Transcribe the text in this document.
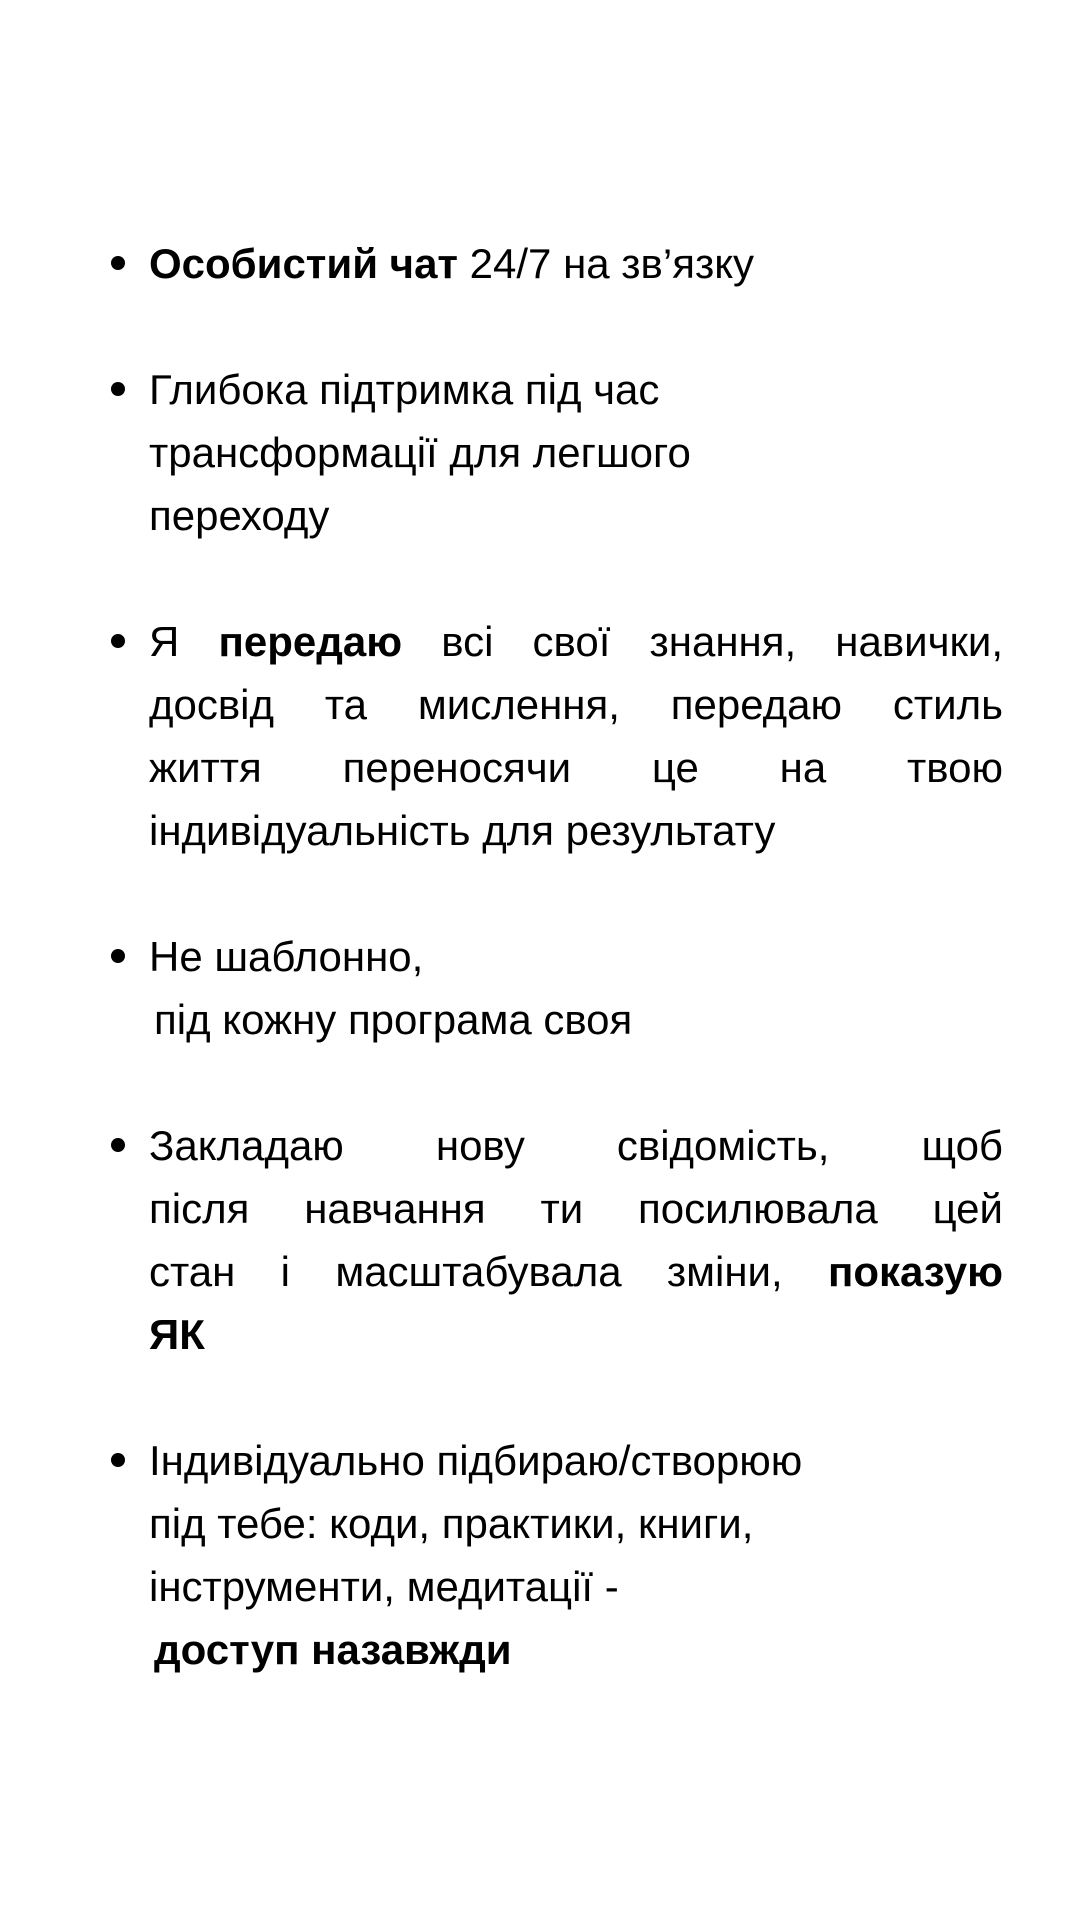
Особистий чат 24/7 на зв’язку
Глибока підтримка під час
трансформації для легшого
переходу
Я передаю всі свої знання, навички,
досвід та мислення, передаю стиль
життя переносячи це на твою
індивідуальність для результату
Не шаблонно,
під кожну програма своя
Закладаю нову свідомість, щоб
після навчання ти посилювала цей
стан і масштабувала зміни, показую
ЯК
Індивідуально підбираю/створюю
під тебе: коди, практики, книги,
інструменти, медитації -
доступ назавжди
